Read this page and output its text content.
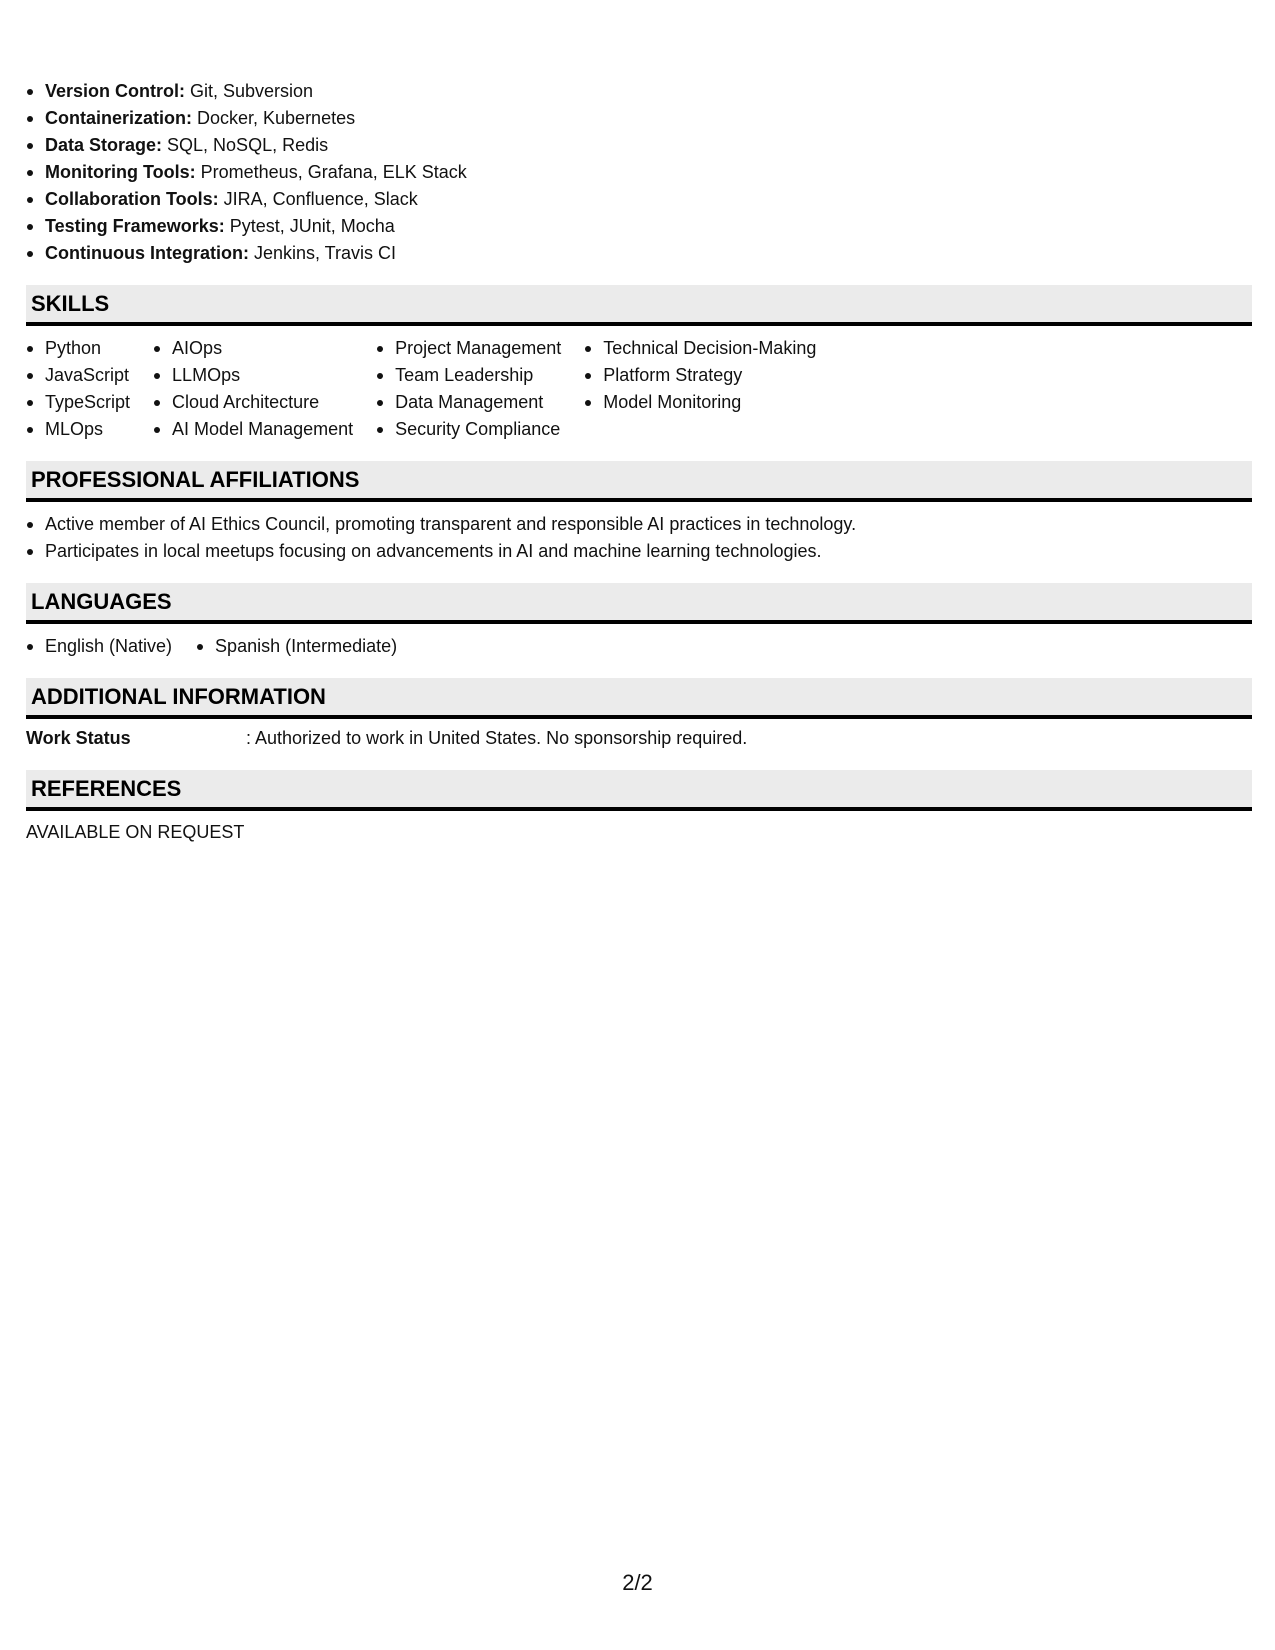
Version Control: Git, Subversion
Containerization: Docker, Kubernetes
Data Storage: SQL, NoSQL, Redis
Monitoring Tools: Prometheus, Grafana, ELK Stack
Collaboration Tools: JIRA, Confluence, Slack
Testing Frameworks: Pytest, JUnit, Mocha
Continuous Integration: Jenkins, Travis CI
SKILLS
Python
JavaScript
TypeScript
MLOps
AIOps
LLMOps
Cloud Architecture
AI Model Management
Project Management
Team Leadership
Data Management
Security Compliance
Technical Decision-Making
Platform Strategy
Model Monitoring
PROFESSIONAL AFFILIATIONS
Active member of AI Ethics Council, promoting transparent and responsible AI practices in technology.
Participates in local meetups focusing on advancements in AI and machine learning technologies.
LANGUAGES
English (Native)	Spanish (Intermediate)
ADDITIONAL INFORMATION
Work Status	: Authorized to work in United States. No sponsorship required.
REFERENCES
AVAILABLE ON REQUEST
2/2
